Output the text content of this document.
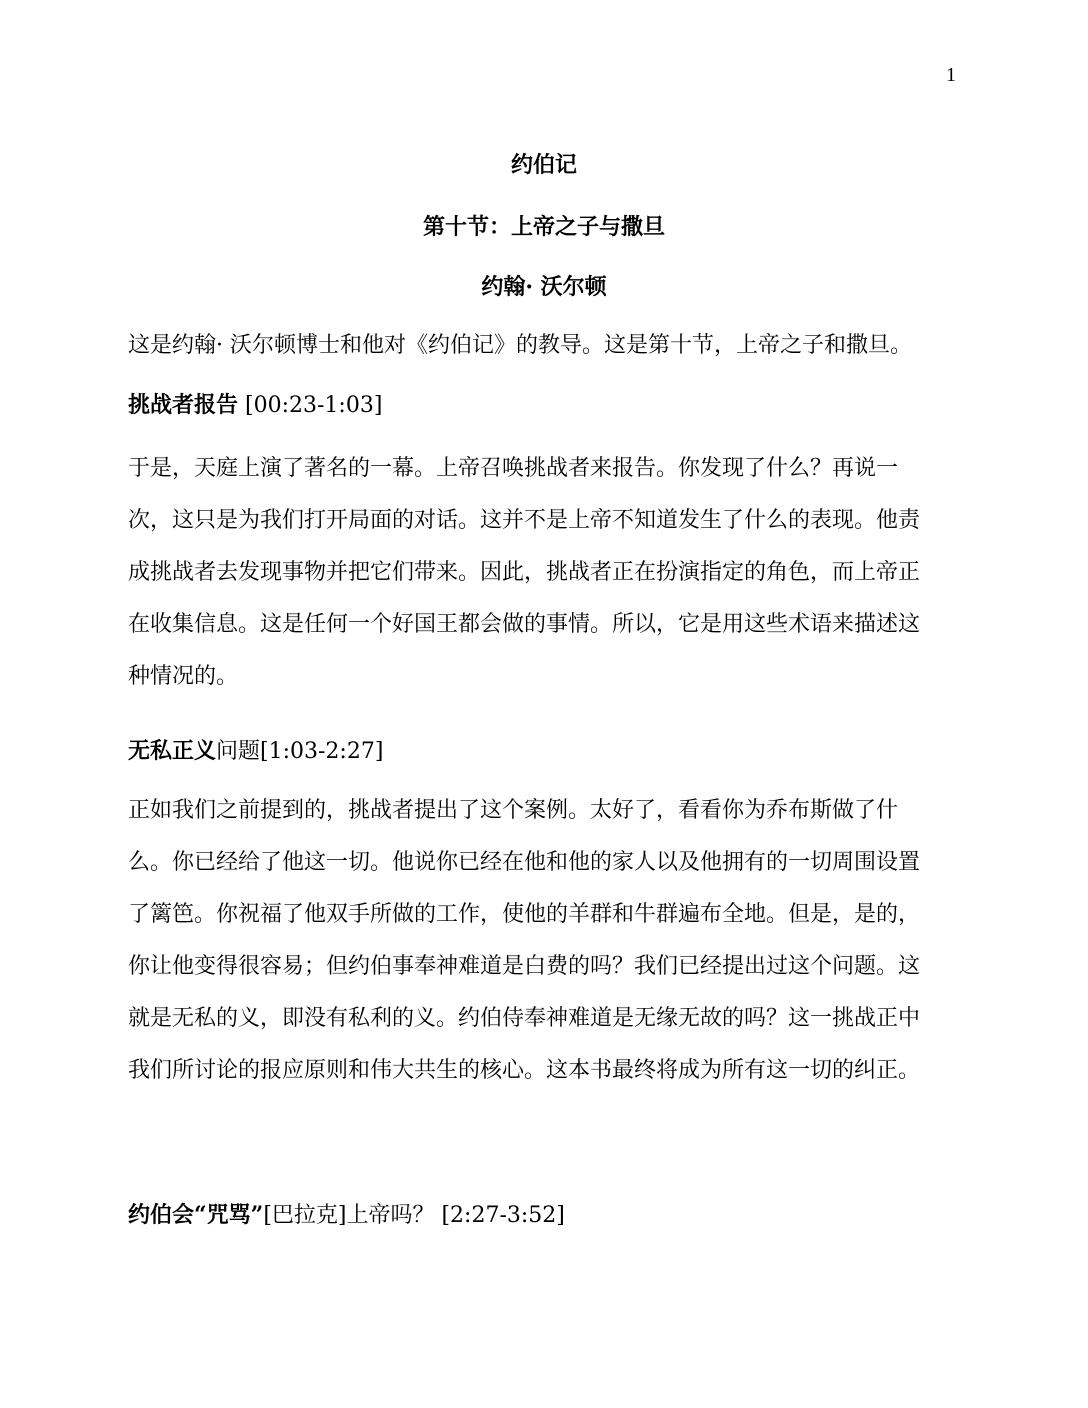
1
约伯记
第十节：上帝之子与撒旦
约翰· 沃尔顿
这是约翰· 沃尔顿博士和他对《约伯记》的教导。这是第十节，上帝之子和撒旦。
挑战者报告 [00:23-1:03]
于是，天庭上演了著名的一幕。上帝召唤挑战者来报告。你发现了什么？再说一
次，这只是为我们打开局面的对话。这并不是上帝不知道发生了什么的表现。他责
成挑战者去发现事物并把它们带来。因此，挑战者正在扮演指定的角色，而上帝正
在收集信息。这是任何一个好国王都会做的事情。所以，它是用这些术语来描述这
种情况的。
无私正义问题[1:03-2:27]
正如我们之前提到的，挑战者提出了这个案例。太好了，看看你为乔布斯做了什
么。你已经给了他这一切。他说你已经在他和他的家人以及他拥有的一切周围设置
了篱笆。你祝福了他双手所做的工作，使他的羊群和牛群遍布全地。但是，是的，
你让他变得很容易；但约伯事奉神难道是白费的吗？我们已经提出过这个问题。这
就是无私的义，即没有私利的义。约伯侍奉神难道是无缘无故的吗？这一挑战正中
我们所讨论的报应原则和伟大共生的核心。这本书最终将成为所有这一切的纠正。
约伯会“咒骂”[巴拉克]上帝吗？ [2:27-3:52]
